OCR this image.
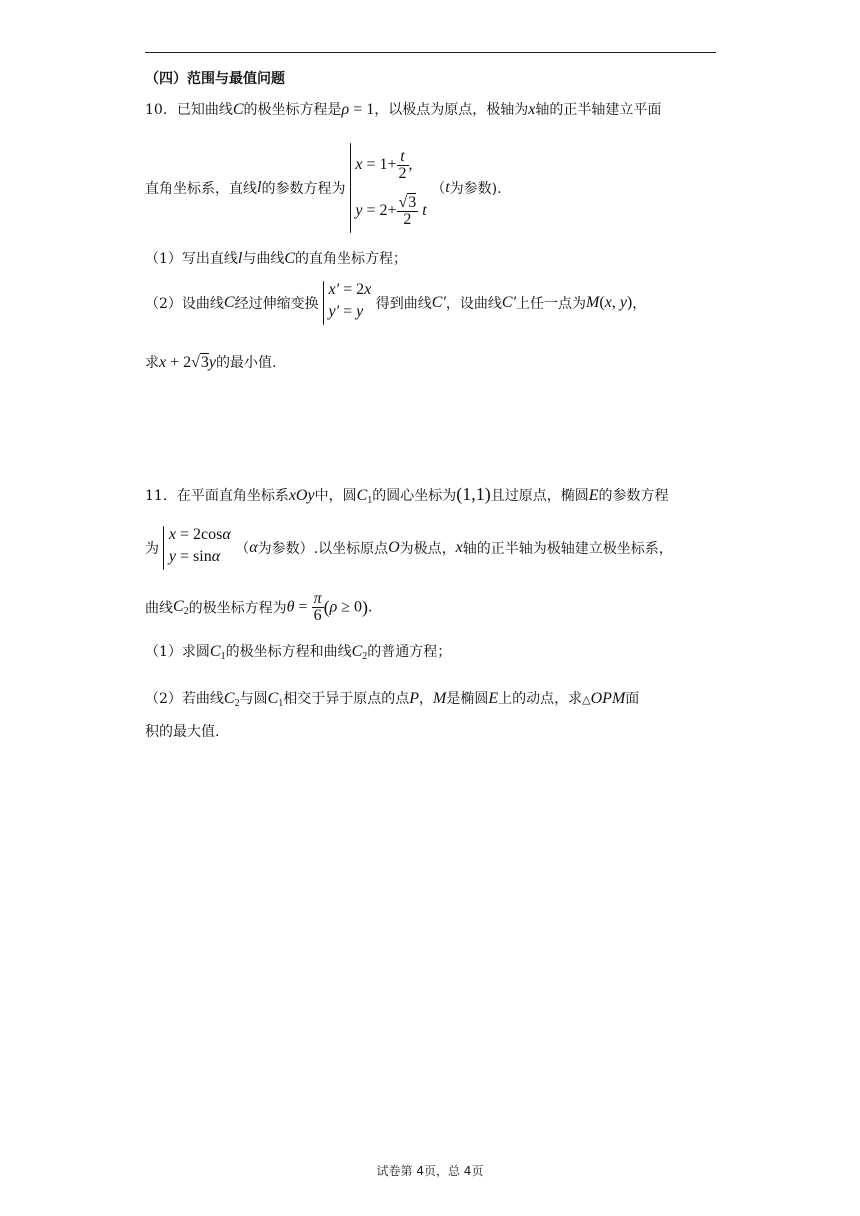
（四）范围与最值问题
10．已知曲线C的极坐标方程是ρ = 1，以极点为原点，极轴为x轴的正半轴建立平面
直角坐标系，直线l的参数方程为
$x = 1+ \frac{t}{2}$ ,
$y = 2+ \frac{√3}{2}$ t
（t为参数).
（1）写出直线l与曲线C的直角坐标方程；
（2）设曲线C经过伸缩变换
x′ = 2x
y′ = y 得到曲线C′，设曲线C′上任一点为M(x, y)，
求x + 2√3y的最小值.
11．在平面直角坐标系xOy中，圆$C_1$的圆心坐标为(1,1)且过原点，椭圆E的参数方程
为
x = 2cosα
y = sinα	（α为参数）.以坐标原点O为极点，x轴的正半轴为极轴建立极坐标系，
曲线$C_2$的极坐标方程为$\theta = \frac{\pi}{6} (\rho \ge 0)$.
（1）求圆$C_1$的极坐标方程和曲线$C_2$的普通方程；
（2）若曲线$C_2$与圆$C_1$相交于异于原点的点P，M是椭圆E上的动点，求△OPM面
积的最大值.
试卷第 4页，总 4页
